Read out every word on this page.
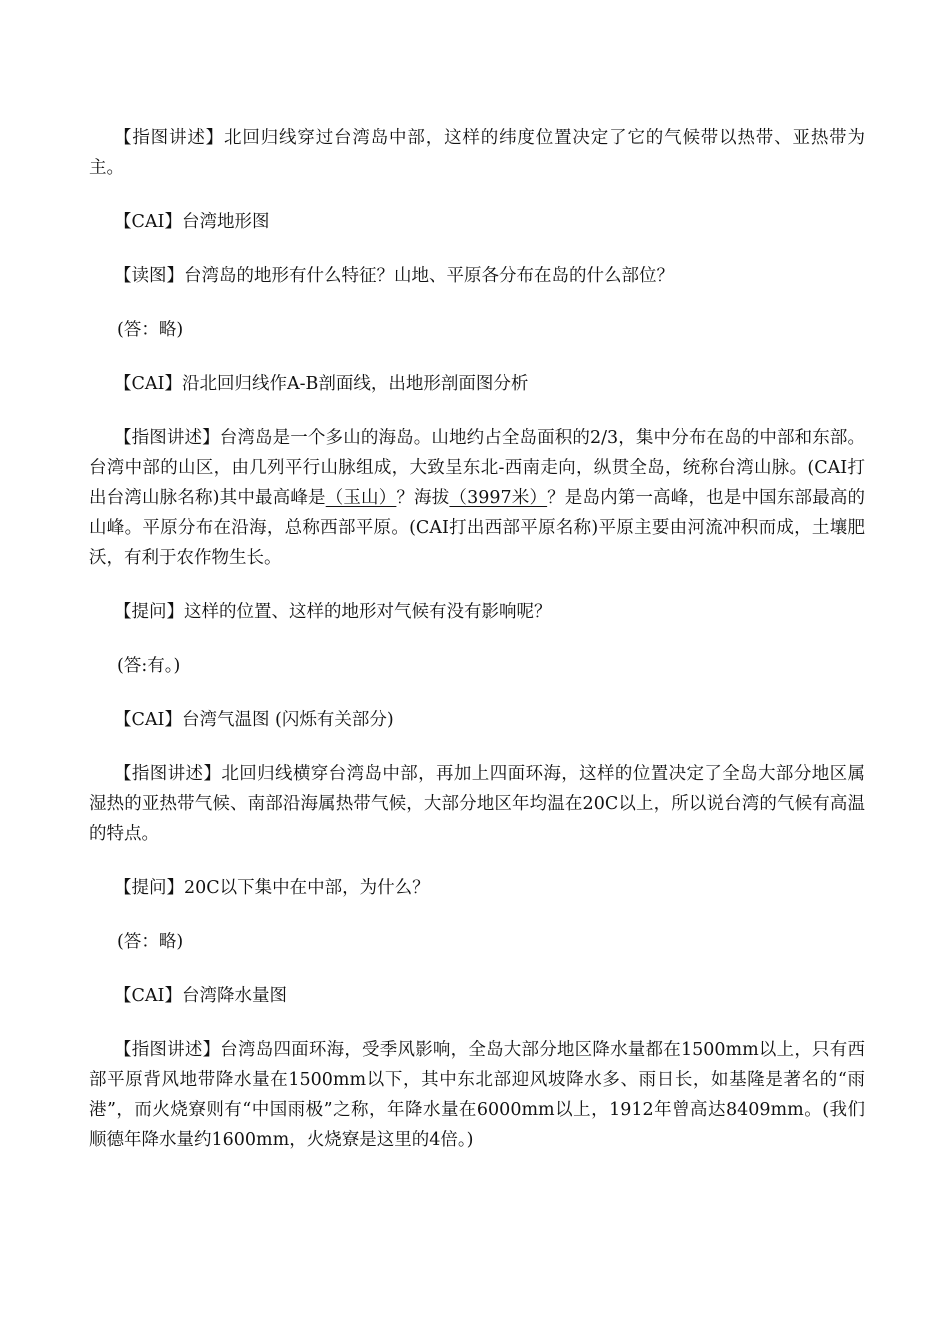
【指图讲述】北回归线穿过台湾岛中部，这样的纬度位置决定了它的气候带以热带、亚热带为主。

【CAI】台湾地形图

【读图】台湾岛的地形有什么特征？山地、平原各分布在岛的什么部位？

(答：略)

【CAI】沿北回归线作A-B剖面线，出地形剖面图分析

【指图讲述】台湾岛是一个多山的海岛。山地约占全岛面积的2/3，集中分布在岛的中部和东部。台湾中部的山区，由几列平行山脉组成，大致呈东北-西南走向，纵贯全岛，统称台湾山脉。(CAI打出台湾山脉名称)其中最高峰是（玉山）？海拔（3997米）？是岛内第一高峰，也是中国东部最高的山峰。平原分布在沿海，总称西部平原。(CAI打出西部平原名称)平原主要由河流冲积而成，土壤肥沃，有利于农作物生长。

【提问】这样的位置、这样的地形对气候有没有影响呢？

(答:有。)

【CAI】台湾气温图 (闪烁有关部分)

【指图讲述】北回归线横穿台湾岛中部，再加上四面环海，这样的位置决定了全岛大部分地区属湿热的亚热带气候、南部沿海属热带气候，大部分地区年均温在20C以上，所以说台湾的气候有高温的特点。

【提问】20C以下集中在中部，为什么？

(答：略)

【CAI】台湾降水量图

【指图讲述】台湾岛四面环海，受季风影响，全岛大部分地区降水量都在1500mm以上，只有西部平原背风地带降水量在1500mm以下，其中东北部迎风坡降水多、雨日长，如基隆是著名的“雨港”，而火烧寮则有“中国雨极”之称，年降水量在6000mm以上，1912年曾高达8409mm。(我们顺德年降水量约1600mm，火烧寮是这里的4倍。)
